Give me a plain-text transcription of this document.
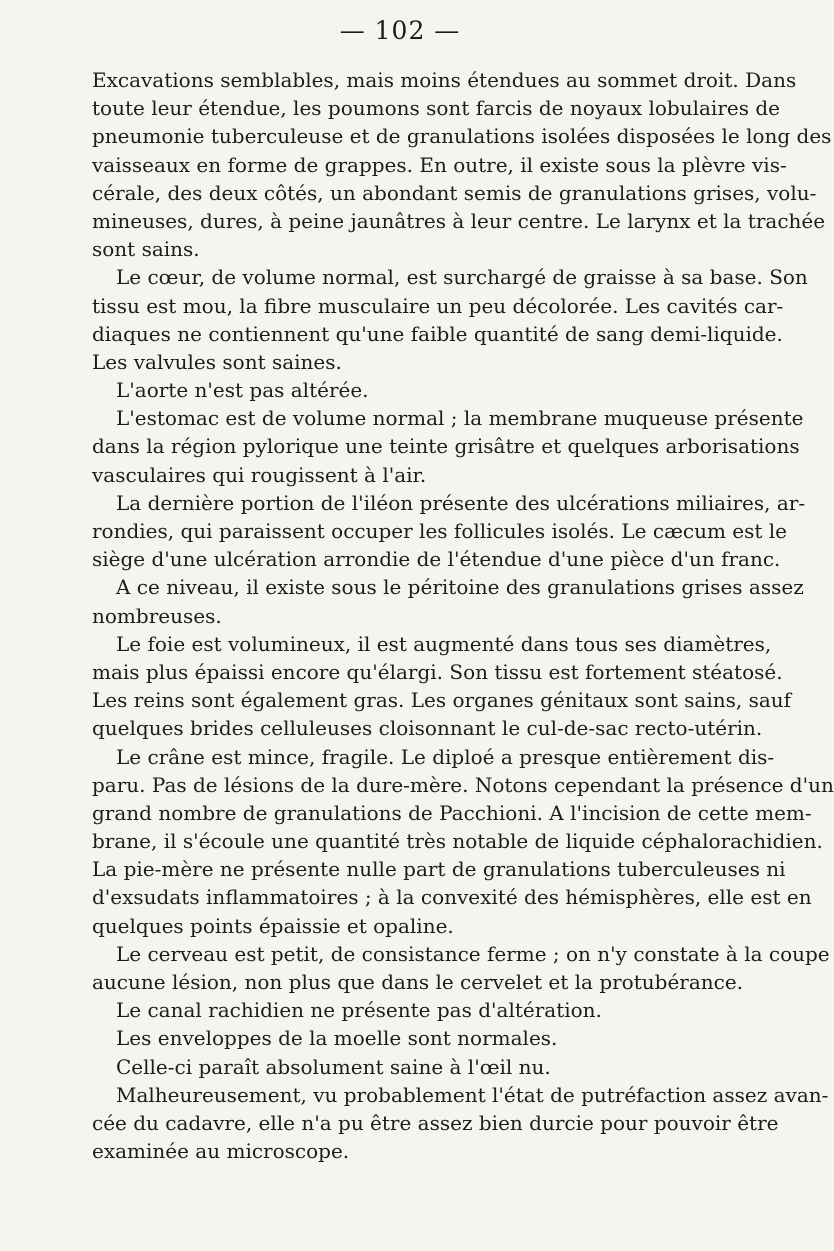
— 102 —
Excavations semblables, mais moins étendues au sommet droit. Dans
toute leur étendue, les poumons sont farcis de noyaux lobulaires de
pneumonie tuberculeuse et de granulations isolées disposées le long des
vaisseaux en forme de grappes. En outre, il existe sous la plèvre vis-
cérale, des deux côtés, un abondant semis de granulations grises, volu-
mineuses, dures, à peine jaunâtres à leur centre. Le larynx et la trachée
sont sains.
Le cœur, de volume normal, est surchargé de graisse à sa base. Son
tissu est mou, la fibre musculaire un peu décolorée. Les cavités car-
diaques ne contiennent qu'une faible quantité de sang demi-liquide.
Les valvules sont saines.
L'aorte n'est pas altérée.
L'estomac est de volume normal ; la membrane muqueuse présente
dans la région pylorique une teinte grisâtre et quelques arborisations
vasculaires qui rougissent à l'air.
La dernière portion de l'iléon présente des ulcérations miliaires, ar-
rondies, qui paraissent occuper les follicules isolés. Le cæcum est le
siège d'une ulcération arrondie de l'étendue d'une pièce d'un franc.
A ce niveau, il existe sous le péritoine des granulations grises assez
nombreuses.
Le foie est volumineux, il est augmenté dans tous ses diamètres,
mais plus épaissi encore qu'élargi. Son tissu est fortement stéatosé.
Les reins sont également gras. Les organes génitaux sont sains, sauf
quelques brides celluleuses cloisonnant le cul-de-sac recto-utérin.
Le crâne est mince, fragile. Le diploé a presque entièrement dis-
paru. Pas de lésions de la dure-mère. Notons cependant la présence d'un
grand nombre de granulations de Pacchioni. A l'incision de cette mem-
brane, il s'écoule une quantité très notable de liquide céphalorachidien.
La pie-mère ne présente nulle part de granulations tuberculeuses ni
d'exsudats inflammatoires ; à la convexité des hémisphères, elle est en
quelques points épaissie et opaline.
Le cerveau est petit, de consistance ferme ; on n'y constate à la coupe
aucune lésion, non plus que dans le cervelet et la protubérance.
Le canal rachidien ne présente pas d'altération.
Les enveloppes de la moelle sont normales.
Celle-ci paraît absolument saine à l'œil nu.
Malheureusement, vu probablement l'état de putréfaction assez avan-
cée du cadavre, elle n'a pu être assez bien durcie pour pouvoir être
examinée au microscope.
